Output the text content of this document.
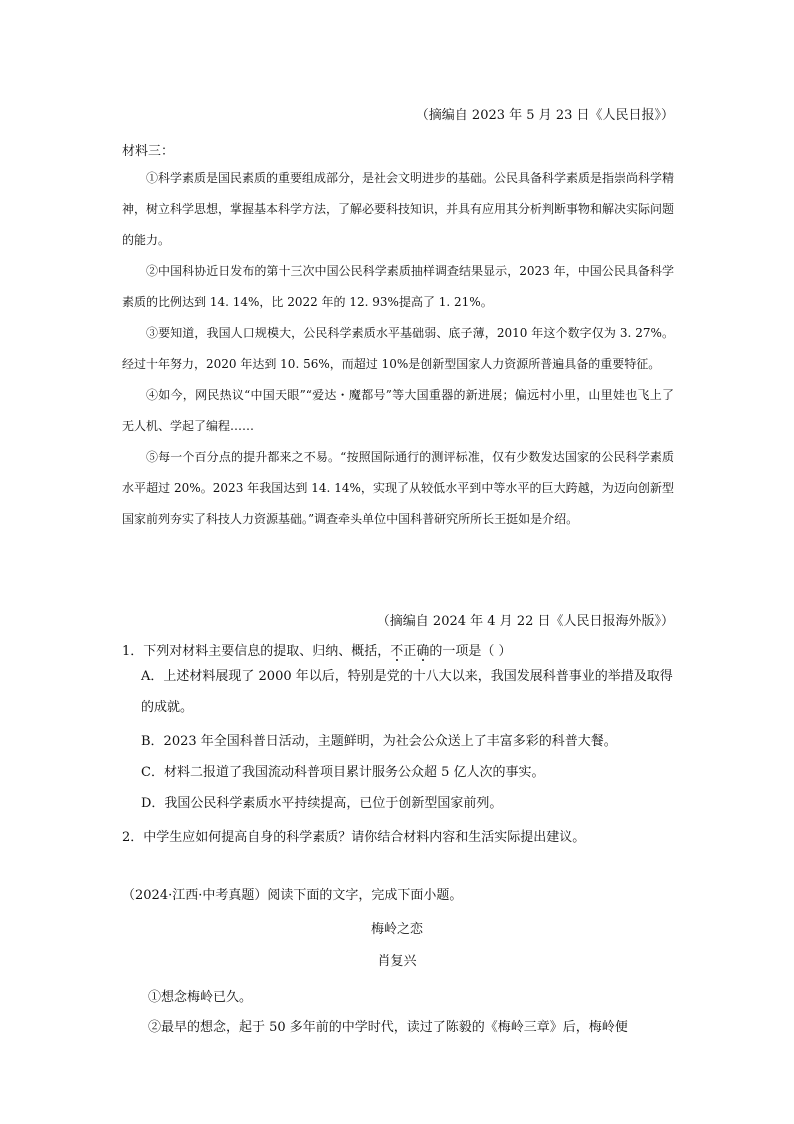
（摘编自 2023 年 5 月 23 日《人民日报》）

材料三：

①科学素质是国民素质的重要组成部分，是社会文明进步的基础。公民具备科学素质是指崇尚科学精神，树立科学思想，掌握基本科学方法，了解必要科技知识，并具有应用其分析判断事物和解决实际问题的能力。

②中国科协近日发布的第十三次中国公民科学素质抽样调查结果显示，2023 年，中国公民具备科学素质的比例达到 14. 14%，比 2022 年的 12. 93%提高了 1. 21%。

③要知道，我国人口规模大，公民科学素质水平基础弱、底子薄，2010 年这个数字仅为 3. 27%。经过十年努力，2020 年达到 10. 56%，而超过 10%是创新型国家人力资源所普遍具备的重要特征。

④如今，网民热议“中国天眼”“爱达・魔都号”等大国重器的新进展；偏远村小里，山里娃也飞上了无人机、学起了编程……

⑤每一个百分点的提升都来之不易。“按照国际通行的测评标准，仅有少数发达国家的公民科学素质水平超过 20%。2023 年我国达到 14. 14%，实现了从较低水平到中等水平的巨大跨越，为迈向创新型国家前列夯实了科技人力资源基础。”调查牵头单位中国科普研究所所长王挺如是介绍。

（摘编自 2024 年 4 月 22 日《人民日报海外版》）

1．下列对材料主要信息的提取、归纳、概括，不正确的一项是（ ）

A．上述材料展现了 2000 年以后，特别是党的十八大以来，我国发展科普事业的举措及取得的成就。

B．2023 年全国科普日活动，主题鲜明，为社会公众送上了丰富多彩的科普大餐。

C．材料二报道了我国流动科普项目累计服务公众超 5 亿人次的事实。

D．我国公民科学素质水平持续提高，已位于创新型国家前列。

2．中学生应如何提高自身的科学素质？请你结合材料内容和生活实际提出建议。

（2024·江西·中考真题）阅读下面的文字，完成下面小题。

梅岭之恋

肖复兴

①想念梅岭已久。

②最早的想念，起于 50 多年前的中学时代，读过了陈毅的《梅岭三章》后，梅岭便
